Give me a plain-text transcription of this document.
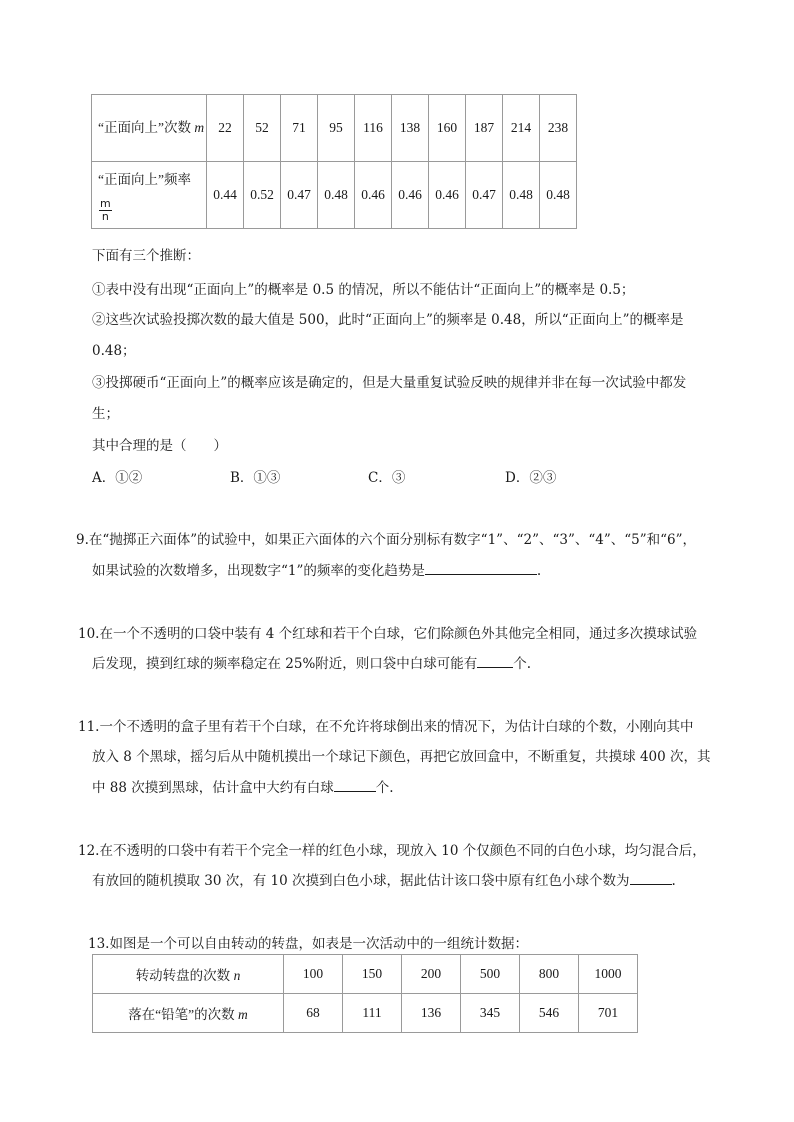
“正面向上”次数 m	22	52	71	95	116	138	160	187	214	238
“正面向上”频率
$\frac{m}{n}$	0.44	0.52	0.47	0.48	0.46	0.46	0.46	0.47	0.48	0.48
下面有三个推断：
①表中没有出现“正面向上”的概率是 0.5 的情况，所以不能估计“正面向上”的概率是 0.5；
②这些次试验投掷次数的最大值是 500，此时“正面向上”的频率是 0.48，所以“正面向上”的概率是
0.48；
③投掷硬币“正面向上”的概率应该是确定的，但是大量重复试验反映的规律并非在每一次试验中都发
生；
其中合理的是（　　）
A．①②	B．①③	C．③	D．②③
9.在“抛掷正六面体”的试验中，如果正六面体的六个面分别标有数字“1”、“2”、“3”、“4”、“5”和“6”，
如果试验的次数增多，出现数字“1”的频率的变化趋势是	.
10.在一个不透明的口袋中装有 4 个红球和若干个白球，它们除颜色外其他完全相同，通过多次摸球试验
后发现，摸到红球的频率稳定在 25%附近，则口袋中白球可能有	个.
11.一个不透明的盒子里有若干个白球，在不允许将球倒出来的情况下，为估计白球的个数，小刚向其中
放入 8 个黑球，摇匀后从中随机摸出一个球记下颜色，再把它放回盒中，不断重复，共摸球 400 次，其
中 88 次摸到黑球，估计盒中大约有白球	个.
12.在不透明的口袋中有若干个完全一样的红色小球，现放入 10 个仅颜色不同的白色小球，均匀混合后，
有放回的随机摸取 30 次，有 10 次摸到白色小球，据此估计该口袋中原有红色小球个数为	.
13.如图是一个可以自由转动的转盘，如表是一次活动中的一组统计数据：
转动转盘的次数 n	100	150	200	500	800	1000
落在“铅笔”的次数 m	68	111	136	345	546	701
